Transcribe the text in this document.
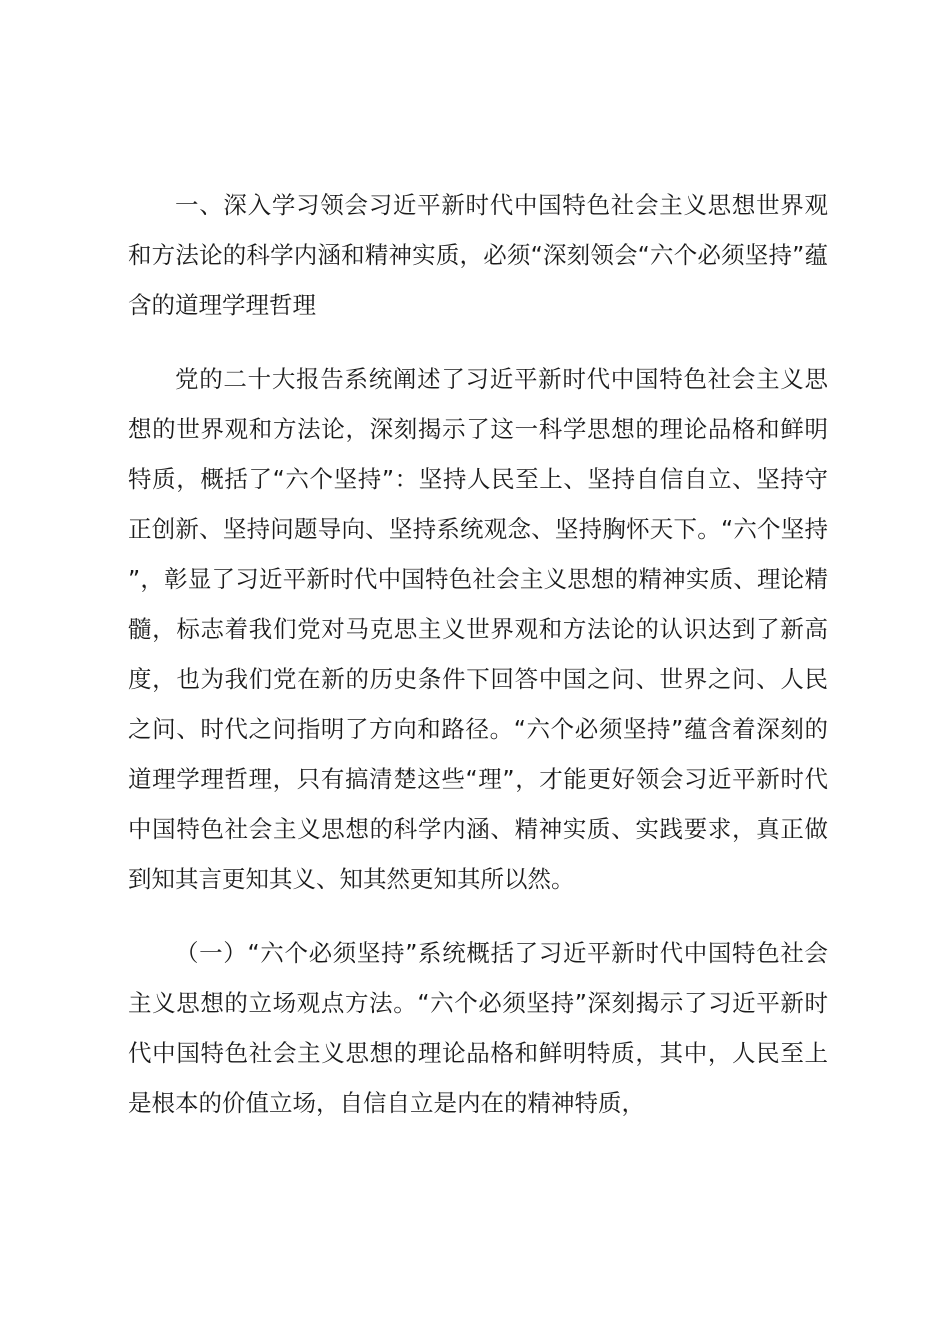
一、深入学习领会习近平新时代中国特色社会主义思想世界观和方法论的科学内涵和精神实质，必须“深刻领会“六个必须坚持”蕴含的道理学理哲理

党的二十大报告系统阐述了习近平新时代中国特色社会主义思想的世界观和方法论，深刻揭示了这一科学思想的理论品格和鲜明特质，概括了“六个坚持”：坚持人民至上、坚持自信自立、坚持守正创新、坚持问题导向、坚持系统观念、坚持胸怀天下。“六个坚持”，彰显了习近平新时代中国特色社会主义思想的精神实质、理论精髓，标志着我们党对马克思主义世界观和方法论的认识达到了新高度，也为我们党在新的历史条件下回答中国之问、世界之问、人民之问、时代之问指明了方向和路径。“六个必须坚持”蕴含着深刻的道理学理哲理，只有搞清楚这些“理”，才能更好领会习近平新时代中国特色社会主义思想的科学内涵、精神实质、实践要求，真正做到知其言更知其义、知其然更知其所以然。

（一）“六个必须坚持”系统概括了习近平新时代中国特色社会主义思想的立场观点方法。“六个必须坚持”深刻揭示了习近平新时代中国特色社会主义思想的理论品格和鲜明特质，其中，人民至上是根本的价值立场，自信自立是内在的精神特质，
